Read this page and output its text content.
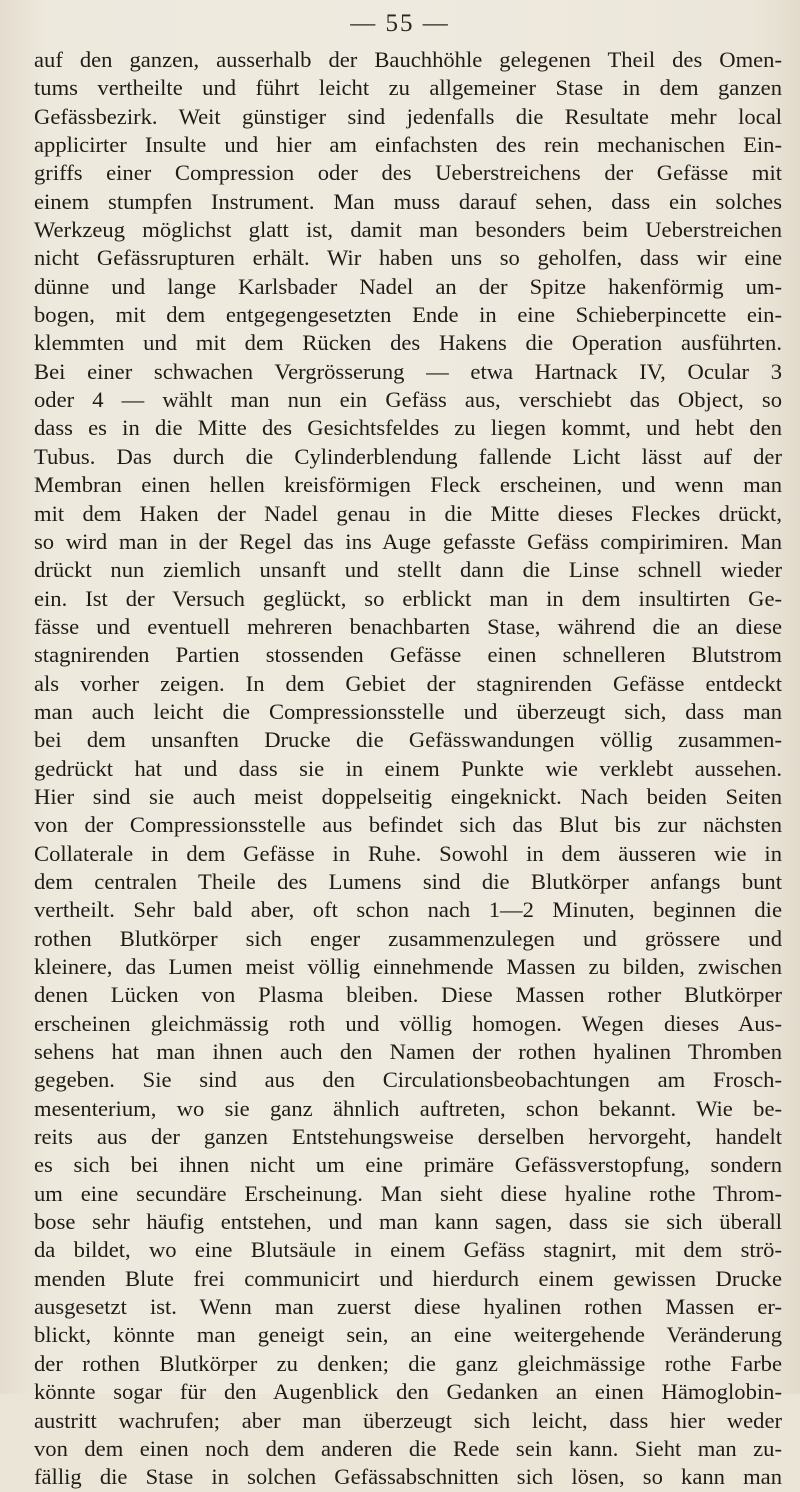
— 55 —
auf den ganzen, ausserhalb der Bauchhöhle gelegenen Theil des Omen-
tums vertheilte und führt leicht zu allgemeiner Stase in dem ganzen
Gefässbezirk. Weit günstiger sind jedenfalls die Resultate mehr local
applicirter Insulte und hier am einfachsten des rein mechanischen Ein-
griffs einer Compression oder des Ueberstreichens der Gefässe mit
einem stumpfen Instrument. Man muss darauf sehen, dass ein solches
Werkzeug möglichst glatt ist, damit man besonders beim Ueberstreichen
nicht Gefässrupturen erhält. Wir haben uns so geholfen, dass wir eine
dünne und lange Karlsbader Nadel an der Spitze hakenförmig um-
bogen, mit dem entgegengesetzten Ende in eine Schieberpincette ein-
klemmten und mit dem Rücken des Hakens die Operation ausführten.
Bei einer schwachen Vergrösserung — etwa Hartnack IV, Ocular 3
oder 4 — wählt man nun ein Gefäss aus, verschiebt das Object, so
dass es in die Mitte des Gesichtsfeldes zu liegen kommt, und hebt den
Tubus. Das durch die Cylinderblendung fallende Licht lässt auf der
Membran einen hellen kreisförmigen Fleck erscheinen, und wenn man
mit dem Haken der Nadel genau in die Mitte dieses Fleckes drückt,
so wird man in der Regel das ins Auge gefasste Gefäss compirimiren. Man
drückt nun ziemlich unsanft und stellt dann die Linse schnell wieder
ein. Ist der Versuch geglückt, so erblickt man in dem insultirten Ge-
fässe und eventuell mehreren benachbarten Stase, während die an diese
stagnirenden Partien stossenden Gefässe einen schnelleren Blutstrom
als vorher zeigen. In dem Gebiet der stagnirenden Gefässe entdeckt
man auch leicht die Compressionsstelle und überzeugt sich, dass man
bei dem unsanften Drucke die Gefässwandungen völlig zusammen-
gedrückt hat und dass sie in einem Punkte wie verklebt aussehen.
Hier sind sie auch meist doppelseitig eingeknickt. Nach beiden Seiten
von der Compressionsstelle aus befindet sich das Blut bis zur nächsten
Collaterale in dem Gefässe in Ruhe. Sowohl in dem äusseren wie in
dem centralen Theile des Lumens sind die Blutkörper anfangs bunt
vertheilt. Sehr bald aber, oft schon nach 1—2 Minuten, beginnen die
rothen Blutkörper sich enger zusammenzulegen und grössere und
kleinere, das Lumen meist völlig einnehmende Massen zu bilden, zwischen
denen Lücken von Plasma bleiben. Diese Massen rother Blutkörper
erscheinen gleichmässig roth und völlig homogen. Wegen dieses Aus-
sehens hat man ihnen auch den Namen der rothen hyalinen Thromben
gegeben. Sie sind aus den Circulationsbeobachtungen am Frosch-
mesenterium, wo sie ganz ähnlich auftreten, schon bekannt. Wie be-
reits aus der ganzen Entstehungsweise derselben hervorgeht, handelt
es sich bei ihnen nicht um eine primäre Gefässverstopfung, sondern
um eine secundäre Erscheinung. Man sieht diese hyaline rothe Throm-
bose sehr häufig entstehen, und man kann sagen, dass sie sich überall
da bildet, wo eine Blutsäule in einem Gefäss stagnirt, mit dem strö-
menden Blute frei communicirt und hierdurch einem gewissen Drucke
ausgesetzt ist. Wenn man zuerst diese hyalinen rothen Massen er-
blickt, könnte man geneigt sein, an eine weitergehende Veränderung
der rothen Blutkörper zu denken; die ganz gleichmässige rothe Farbe
könnte sogar für den Augenblick den Gedanken an einen Hämoglobin-
austritt wachrufen; aber man überzeugt sich leicht, dass hier weder
von dem einen noch dem anderen die Rede sein kann. Sieht man zu-
fällig die Stase in solchen Gefässabschnitten sich lösen, so kann man
